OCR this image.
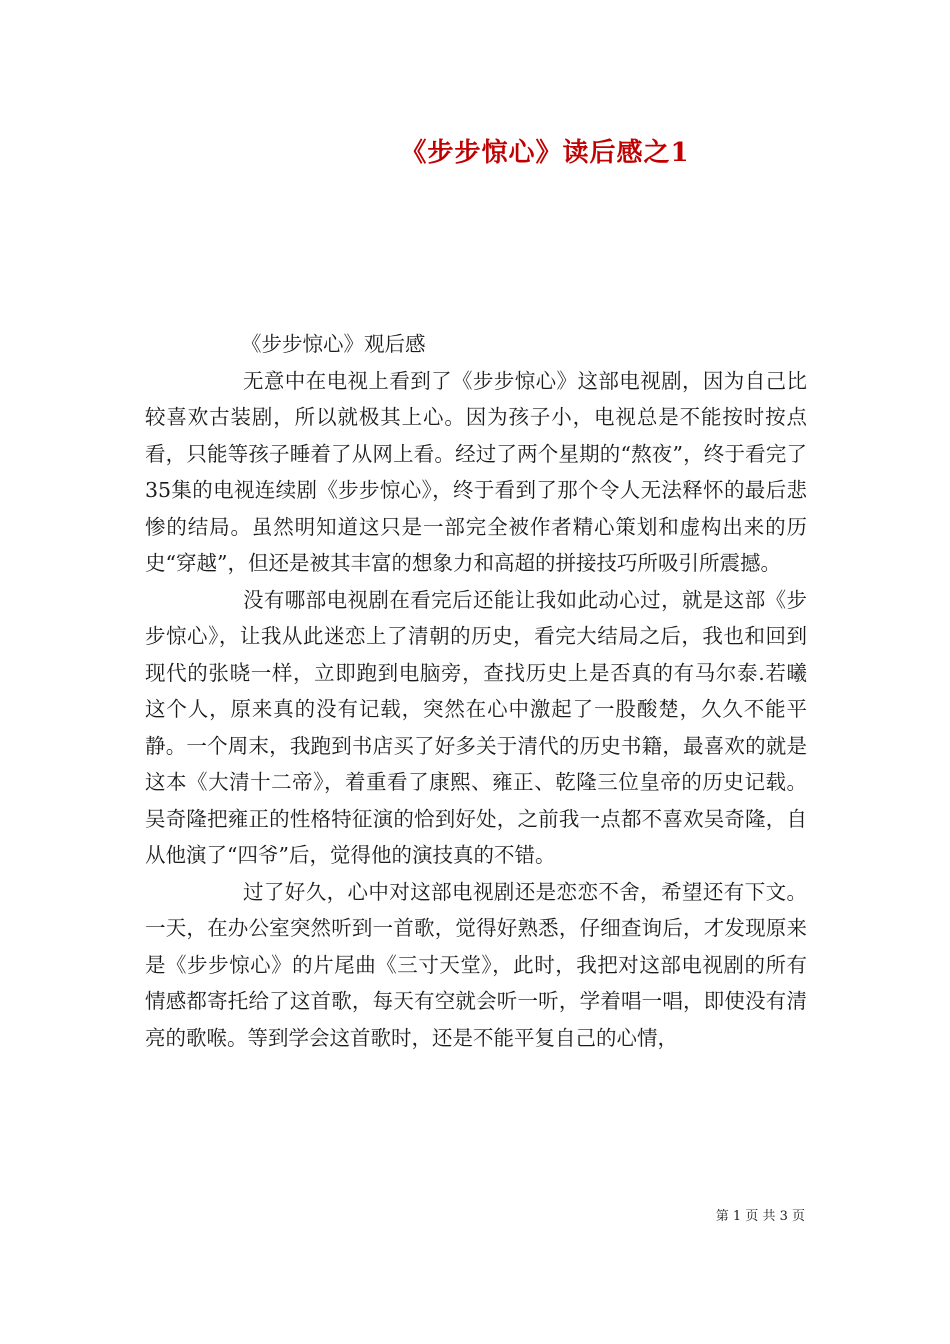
《步步惊心》读后感之1

《步步惊心》观后感

无意中在电视上看到了《步步惊心》这部电视剧，因为自己比较喜欢古装剧，所以就极其上心。因为孩子小，电视总是不能按时按点看，只能等孩子睡着了从网上看。经过了两个星期的“熬夜”，终于看完了35集的电视连续剧《步步惊心》，终于看到了那个令人无法释怀的最后悲惨的结局。虽然明知道这只是一部完全被作者精心策划和虚构出来的历史“穿越”，但还是被其丰富的想象力和高超的拼接技巧所吸引所震撼。

没有哪部电视剧在看完后还能让我如此动心过，就是这部《步步惊心》，让我从此迷恋上了清朝的历史，看完大结局之后，我也和回到现代的张晓一样，立即跑到电脑旁，查找历史上是否真的有马尔泰.若曦这个人，原来真的没有记载，突然在心中激起了一股酸楚，久久不能平静。一个周末，我跑到书店买了好多关于清代的历史书籍，最喜欢的就是这本《大清十二帝》，着重看了康熙、雍正、乾隆三位皇帝的历史记载。吴奇隆把雍正的性格特征演的恰到好处，之前我一点都不喜欢吴奇隆，自从他演了“四爷”后，觉得他的演技真的不错。

过了好久，心中对这部电视剧还是恋恋不舍，希望还有下文。一天，在办公室突然听到一首歌，觉得好熟悉，仔细查询后，才发现原来是《步步惊心》的片尾曲《三寸天堂》，此时，我把对这部电视剧的所有情感都寄托给了这首歌，每天有空就会听一听，学着唱一唱，即使没有清亮的歌喉。等到学会这首歌时，还是不能平复自己的心情，

第 1 页 共 3 页
